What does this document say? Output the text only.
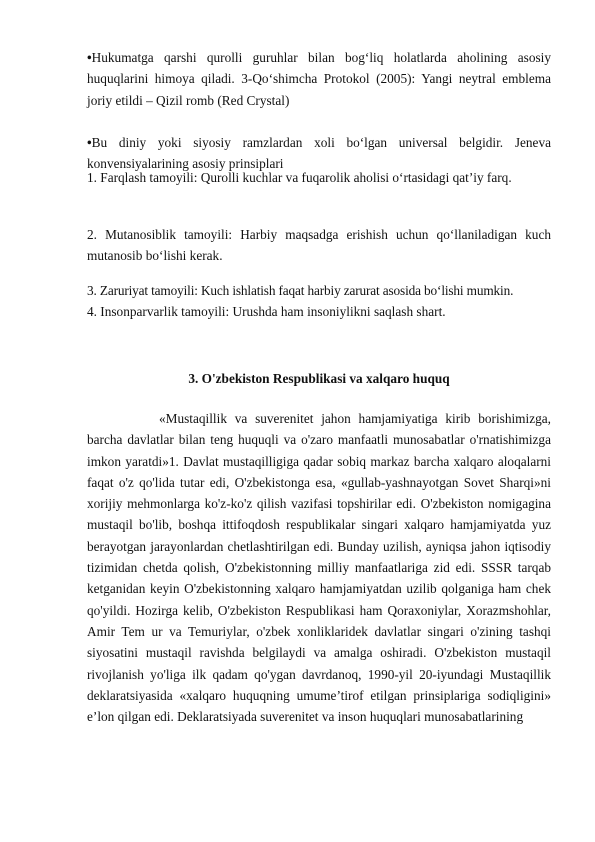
•Hukumatga qarshi qurolli guruhlar bilan bog‘liq holatlarda aholining asosiy huquqlarini himoya qiladi. 3-Qo‘shimcha Protokol (2005): Yangi neytral emblema joriy etildi – Qizil romb (Red Crystal)

•Bu diniy yoki siyosiy ramzlardan xoli bo‘lgan universal belgidir. Jeneva konvensiyalarining asosiy prinsiplari

1. Farqlash tamoyili: Qurolli kuchlar va fuqarolik aholisi o‘rtasidagi qat’iy farq.

2. Mutanosiblik tamoyili: Harbiy maqsadga erishish uchun qo‘llaniladigan kuch mutanosib bo‘lishi kerak.

3. Zaruriyat tamoyili: Kuch ishlatish faqat harbiy zarurat asosida bo‘lishi mumkin.

4. Insonparvarlik tamoyili: Urushda ham insoniylikni saqlash shart.

3. O'zbekiston Respublikasi va xalqaro huquq

«Mustaqillik va suverenitet jahon hamjamiyatiga kirib borishimizga, barcha davlatlar bilan teng huquqli va o'zaro manfaatli munosabatlar o'rnatishimizga imkon yaratdi»1. Davlat mustaqilligiga qadar sobiq markaz barcha xalqaro aloqalarni faqat o'z qo'lida tutar edi, O'zbekistonga esa, «gullab-yashnayotgan Sovet Sharqi»ni xorijiy mehmonlarga ko'z-ko'z qilish vazifasi topshirilar edi. O'zbekiston nomigagina mustaqil bo'lib, boshqa ittifoqdosh respublikalar singari xalqaro hamjamiyatda yuz berayotgan jarayonlardan chetlashtirilgan edi. Bunday uzilish, ayniqsa jahon iqtisodiy tizimidan chetda qolish, O'zbekistonning milliy manfaatlariga zid edi. SSSR tarqab ketganidan keyin O'zbekistonning xalqaro hamjamiyatdan uzilib qolganiga ham chek qo'yildi. Hozirga kelib, O'zbekiston Respublikasi ham Qoraxoniylar, Xorazmshohlar, Amir Tem ur va Temuriylar, o'zbek xonliklaridek davlatlar singari o'zining tashqi siyosatini mustaqil ravishda belgilaydi va amalga oshiradi. O'zbekiston mustaqil rivojlanish yo'liga ilk qadam qo'ygan davrdanoq, 1990-yil 20-iyundagi Mustaqillik deklaratsiyasida «xalqaro huquqning umume’tirof etilgan prinsiplariga sodiqligini» e’lon qilgan edi. Deklaratsiyada suverenitet va inson huquqlari munosabatlarining
